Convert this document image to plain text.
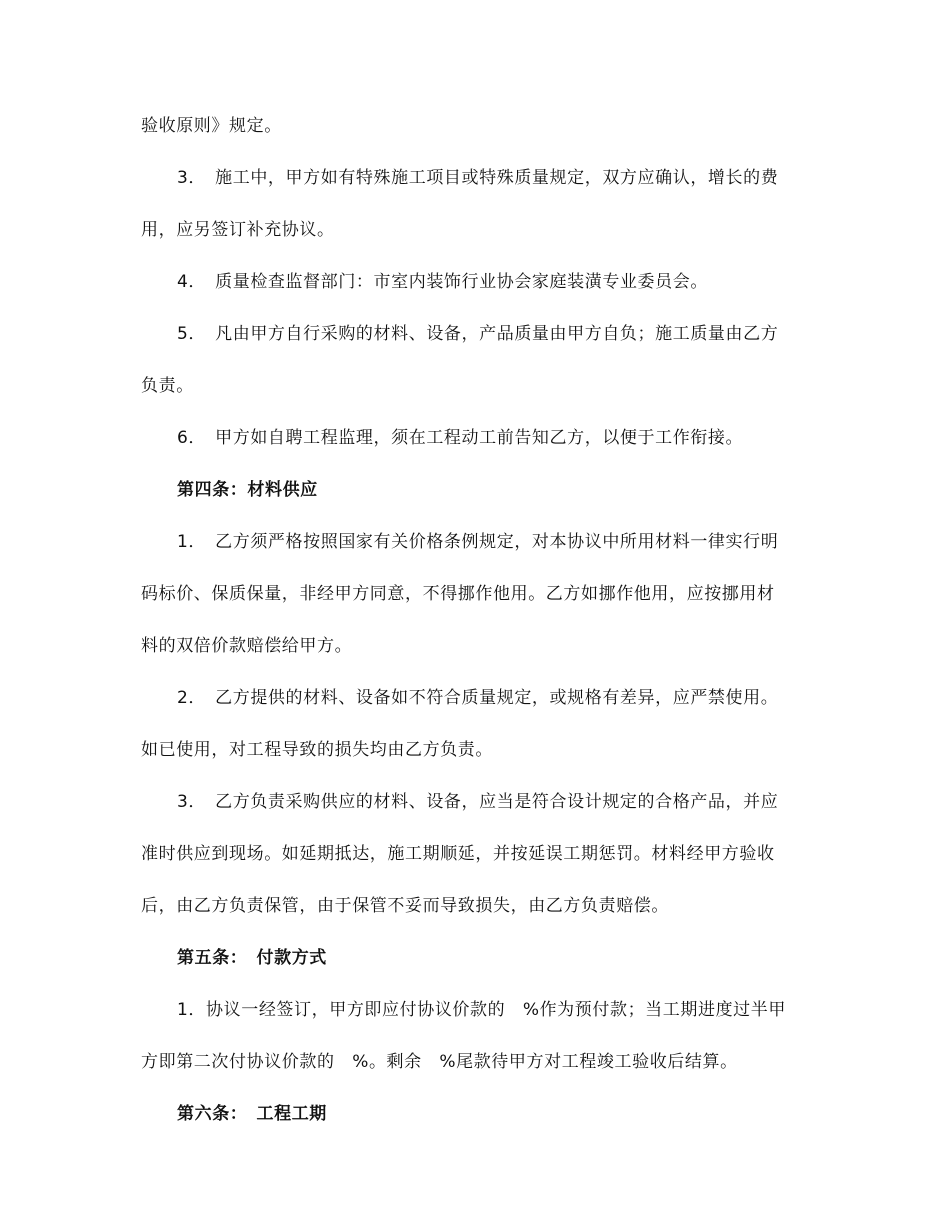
验收原则》规定。
3．　施工中，甲方如有特殊施工项目或特殊质量规定，双方应确认，增长的费
用，应另签订补充协议。
4．　质量检查监督部门：市室内装饰行业协会家庭装潢专业委员会。
5．　凡由甲方自行采购的材料、设备，产品质量由甲方自负；施工质量由乙方
负责。
6．　甲方如自聘工程监理，须在工程动工前告知乙方，以便于工作衔接。
第四条：材料供应
1．　乙方须严格按照国家有关价格条例规定，对本协议中所用材料一律实行明
码标价、保质保量，非经甲方同意，不得挪作他用。乙方如挪作他用，应按挪用材
料的双倍价款赔偿给甲方。
2．　乙方提供的材料、设备如不符合质量规定，或规格有差异，应严禁使用。
如已使用，对工程导致的损失均由乙方负责。
3．　乙方负责采购供应的材料、设备，应当是符合设计规定的合格产品，并应
准时供应到现场。如延期抵达，施工期顺延，并按延误工期惩罚。材料经甲方验收
后，由乙方负责保管，由于保管不妥而导致损失，由乙方负责赔偿。
第五条：　付款方式
1．协议一经签订，甲方即应付协议价款的　%作为预付款；当工期进度过半甲
方即第二次付协议价款的　%。剩余　%尾款待甲方对工程竣工验收后结算。
第六条：　工程工期
